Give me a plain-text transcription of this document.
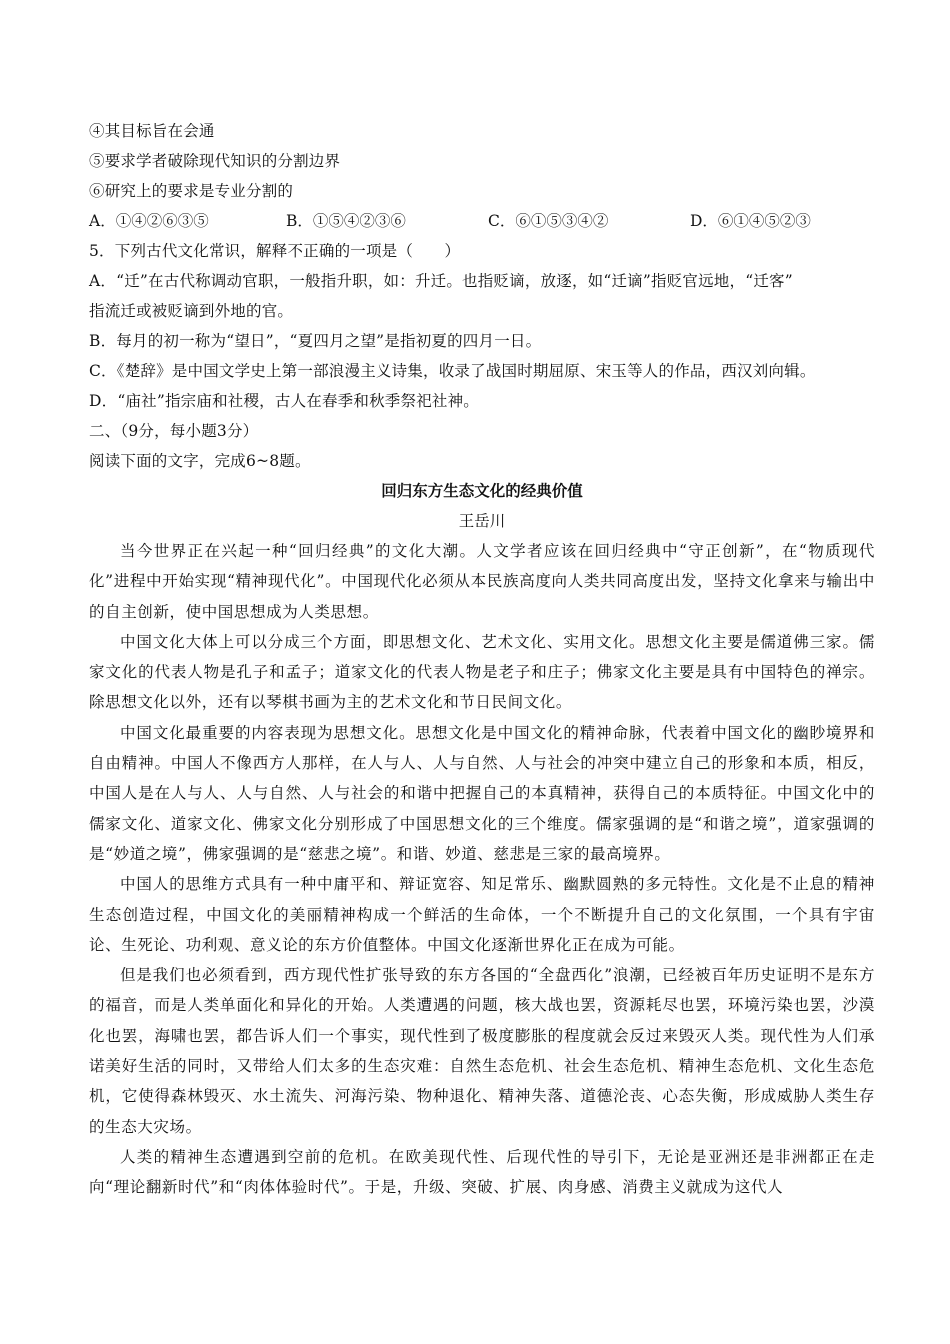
④其目标旨在会通
⑤要求学者破除现代知识的分割边界
⑥研究上的要求是专业分割的
A．①④②⑥③⑤	B．①⑤④②③⑥	C．⑥①⑤③④②	D．⑥①④⑤②③
5．下列古代文化常识，解释不正确的一项是（　　）
A．“迁”在古代称调动官职，一般指升职，如：升迁。也指贬谪，放逐，如“迁谪”指贬官远地，“迁客”
指流迁或被贬谪到外地的官。
B．每月的初一称为“望日”，“夏四月之望”是指初夏的四月一日。
C．《楚辞》是中国文学史上第一部浪漫主义诗集，收录了战国时期屈原、宋玉等人的作品，西汉刘向辑。
D．“庙社”指宗庙和社稷，古人在春季和秋季祭祀社神。
二、（9分，每小题3分）
阅读下面的文字，完成6~8题。
回归东方生态文化的经典价值
王岳川

当今世界正在兴起一种“回归经典”的文化大潮。人文学者应该在回归经典中“守正创新”，在“物质现代化”进程中开始实现“精神现代化”。中国现代化必须从本民族高度向人类共同高度出发，坚持文化拿来与输出中的自主创新，使中国思想成为人类思想。

中国文化大体上可以分成三个方面，即思想文化、艺术文化、实用文化。思想文化主要是儒道佛三家。儒家文化的代表人物是孔子和孟子；道家文化的代表人物是老子和庄子；佛家文化主要是具有中国特色的禅宗。除思想文化以外，还有以琴棋书画为主的艺术文化和节日民间文化。

中国文化最重要的内容表现为思想文化。思想文化是中国文化的精神命脉，代表着中国文化的幽眇境界和自由精神。中国人不像西方人那样，在人与人、人与自然、人与社会的冲突中建立自己的形象和本质，相反，中国人是在人与人、人与自然、人与社会的和谐中把握自己的本真精神，获得自己的本质特征。中国文化中的儒家文化、道家文化、佛家文化分别形成了中国思想文化的三个维度。儒家强调的是“和谐之境”，道家强调的是“妙道之境”，佛家强调的是“慈悲之境”。和谐、妙道、慈悲是三家的最高境界。

中国人的思维方式具有一种中庸平和、辩证宽容、知足常乐、幽默圆熟的多元特性。文化是不止息的精神生态创造过程，中国文化的美丽精神构成一个鲜活的生命体，一个不断提升自己的文化氛围，一个具有宇宙论、生死论、功利观、意义论的东方价值整体。中国文化逐渐世界化正在成为可能。

但是我们也必须看到，西方现代性扩张导致的东方各国的“全盘西化”浪潮，已经被百年历史证明不是东方的福音，而是人类单面化和异化的开始。人类遭遇的问题，核大战也罢，资源耗尽也罢，环境污染也罢，沙漠化也罢，海啸也罢，都告诉人们一个事实，现代性到了极度膨胀的程度就会反过来毁灭人类。现代性为人们承诺美好生活的同时，又带给人们太多的生态灾难：自然生态危机、社会生态危机、精神生态危机、文化生态危机，它使得森林毁灭、水土流失、河海污染、物种退化、精神失落、道德沦丧、心态失衡，形成威胁人类生存的生态大灾场。

人类的精神生态遭遇到空前的危机。在欧美现代性、后现代性的导引下，无论是亚洲还是非洲都正在走向“理论翻新时代”和“肉体体验时代”。于是，升级、突破、扩展、肉身感、消费主义就成为这代人
